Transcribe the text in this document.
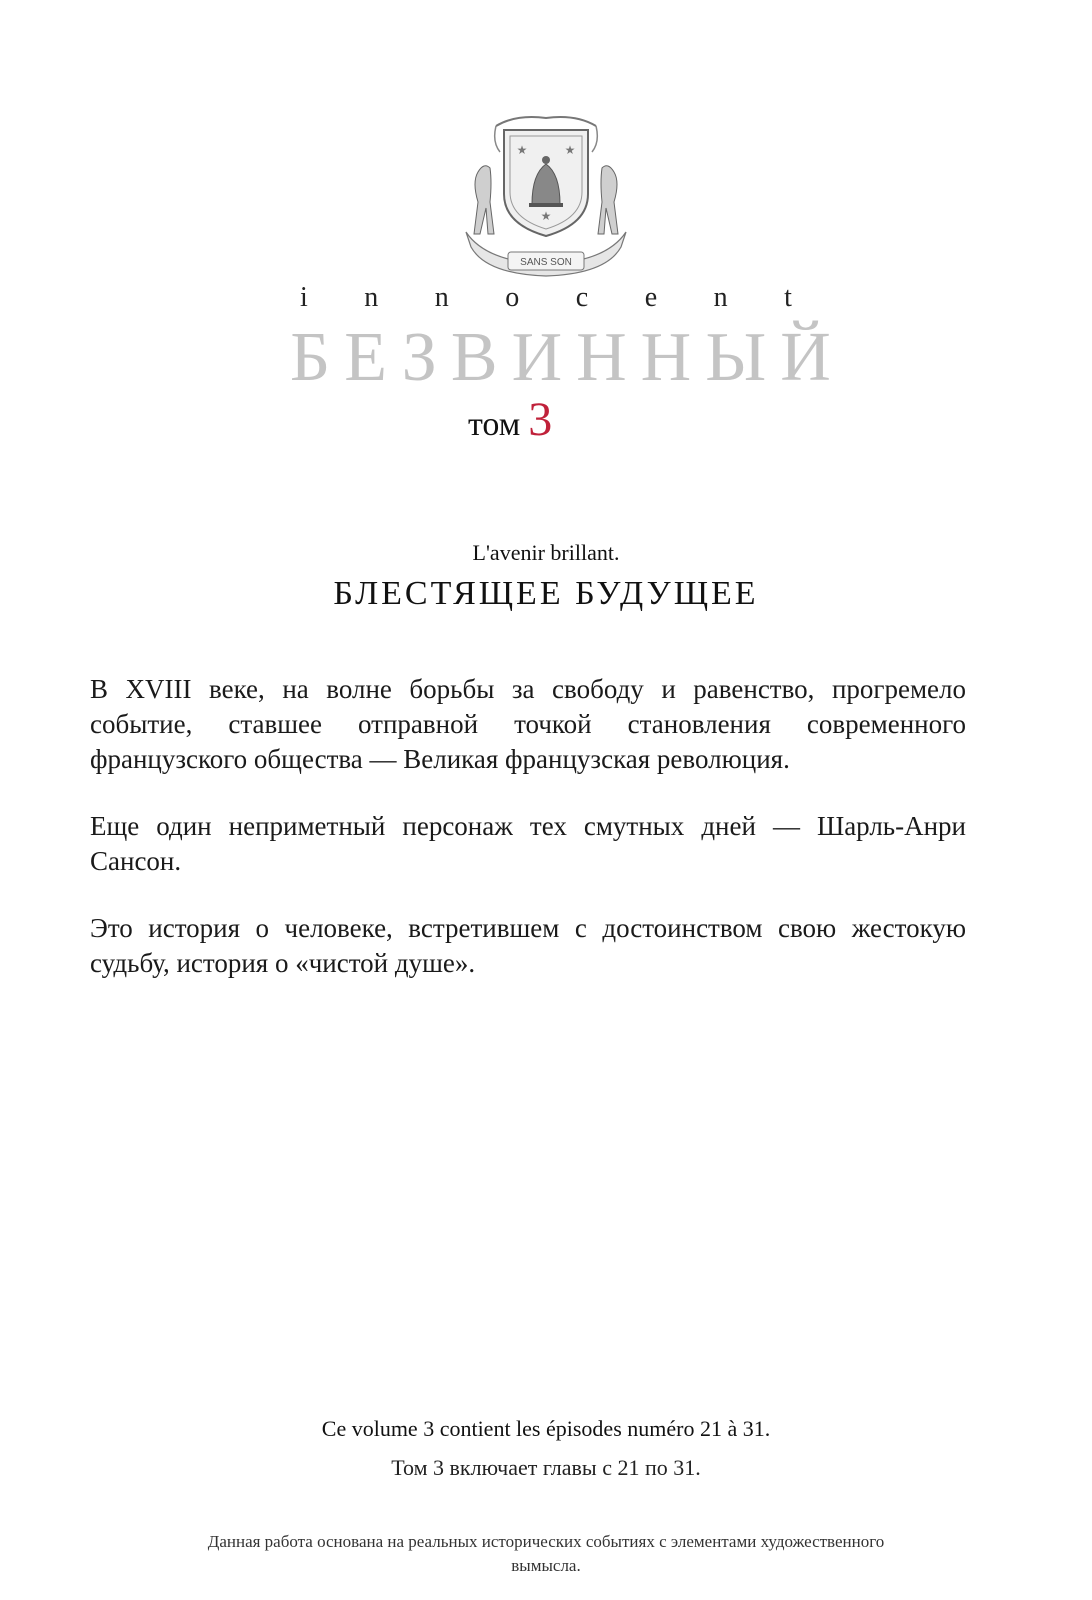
SANS SON
★	★
★
i n n o c e n t
БЕЗВИННЫЙ
том 3
L'avenir brillant.
БЛЕСТЯЩЕЕ БУДУЩЕЕ

В XVIII веке, на волне борьбы за свободу и равенство, прогремело событие, ставшее отправной точкой становления современного французского общества — Великая французская революция.

Еще один неприметный персонаж тех смутных дней — Шарль-Анри Сансон.

Это история о человеке, встретившем с достоинством свою жестокую судьбу, история о «чистой душе».

Ce volume 3 contient les épisodes numéro 21 à 31.
Том 3 включает главы с 21 по 31.
Данная работа основана на реальных исторических событиях с элементами художественного вымысла.
